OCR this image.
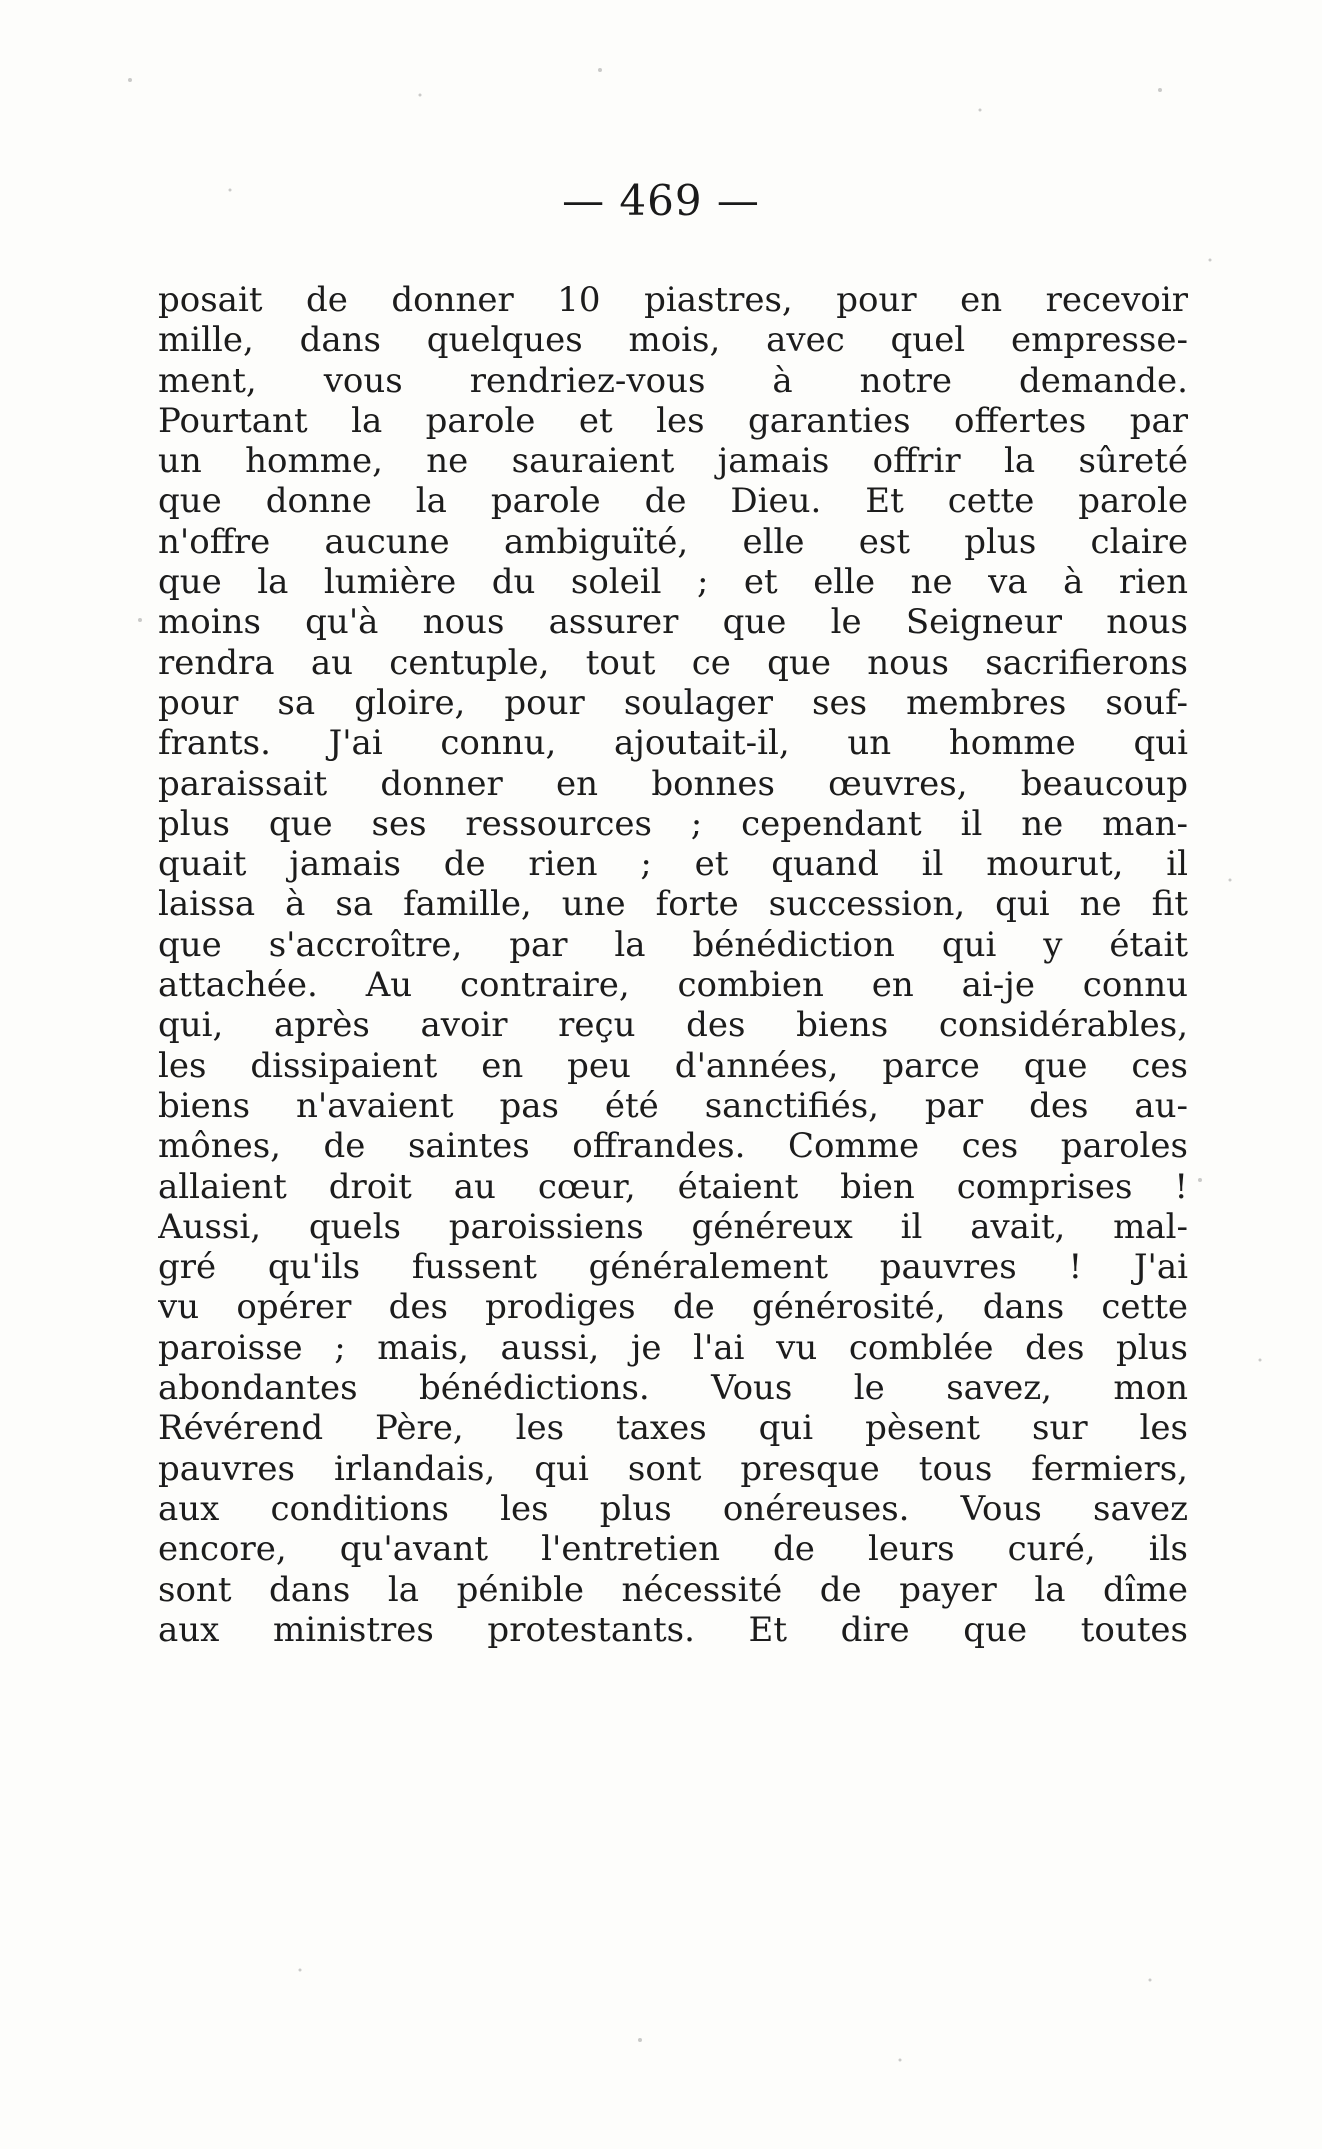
— 469 —
posait de donner 10 piastres, pour en recevoir
mille, dans quelques mois, avec quel empresse-
ment, vous rendriez-vous à notre demande.
Pourtant la parole et les garanties offertes par
un homme, ne sauraient jamais offrir la sûreté
que donne la parole de Dieu. Et cette parole
n'offre aucune ambiguïté, elle est plus claire
que la lumière du soleil ; et elle ne va à rien
moins qu'à nous assurer que le Seigneur nous
rendra au centuple, tout ce que nous sacrifierons
pour sa gloire, pour soulager ses membres souf-
frants. J'ai connu, ajoutait-il, un homme qui
paraissait donner en bonnes œuvres, beaucoup
plus que ses ressources ; cependant il ne man-
quait jamais de rien ; et quand il mourut, il
laissa à sa famille, une forte succession, qui ne fit
que s'accroître, par la bénédiction qui y était
attachée. Au contraire, combien en ai-je connu
qui, après avoir reçu des biens considérables,
les dissipaient en peu d'années, parce que ces
biens n'avaient pas été sanctifiés, par des au-
mônes, de saintes offrandes. Comme ces paroles
allaient droit au cœur, étaient bien comprises !
Aussi, quels paroissiens généreux il avait, mal-
gré qu'ils fussent généralement pauvres ! J'ai
vu opérer des prodiges de générosité, dans cette
paroisse ; mais, aussi, je l'ai vu comblée des plus
abondantes bénédictions. Vous le savez, mon
Révérend Père, les taxes qui pèsent sur les
pauvres irlandais, qui sont presque tous fermiers,
aux conditions les plus onéreuses. Vous savez
encore, qu'avant l'entretien de leurs curé, ils
sont dans la pénible nécessité de payer la dîme
aux ministres protestants. Et dire que toutes
